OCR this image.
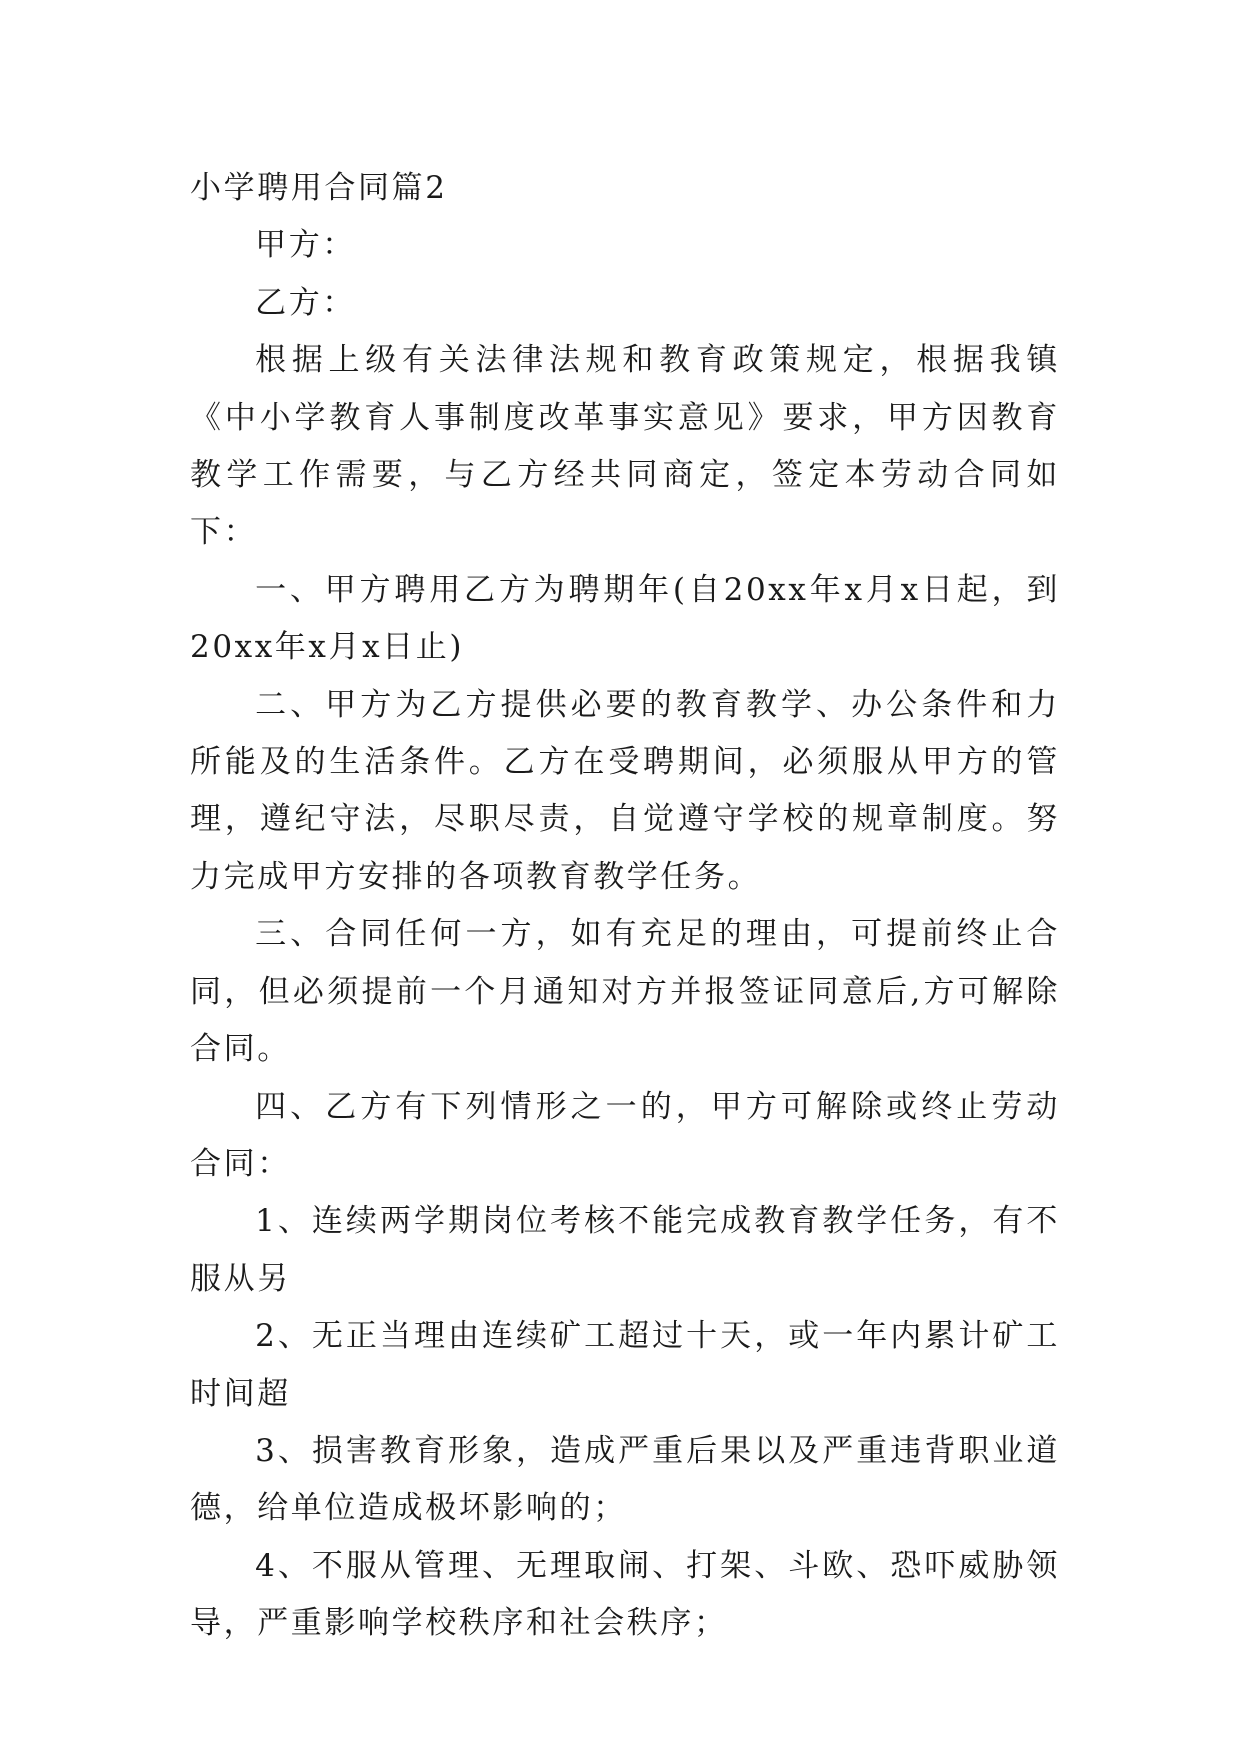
小学聘用合同篇2

甲方：

乙方：

根据上级有关法律法规和教育政策规定，根据我镇《中小学教育人事制度改革事实意见》要求，甲方因教育教学工作需要，与乙方经共同商定，签定本劳动合同如下：

一、甲方聘用乙方为聘期年(自20xx年x月x日起，到20xx年x月x日止)

二、甲方为乙方提供必要的教育教学、办公条件和力所能及的生活条件。乙方在受聘期间，必须服从甲方的管理，遵纪守法，尽职尽责，自觉遵守学校的规章制度。努力完成甲方安排的各项教育教学任务。

三、合同任何一方，如有充足的理由，可提前终止合同，但必须提前一个月通知对方并报签证同意后,方可解除合同。

四、乙方有下列情形之一的，甲方可解除或终止劳动合同：

1、连续两学期岗位考核不能完成教育教学任务，有不服从另

2、无正当理由连续矿工超过十天，或一年内累计矿工时间超

3、损害教育形象，造成严重后果以及严重违背职业道德，给单位造成极坏影响的；

4、不服从管理、无理取闹、打架、斗欧、恐吓威胁领导，严重影响学校秩序和社会秩序；
